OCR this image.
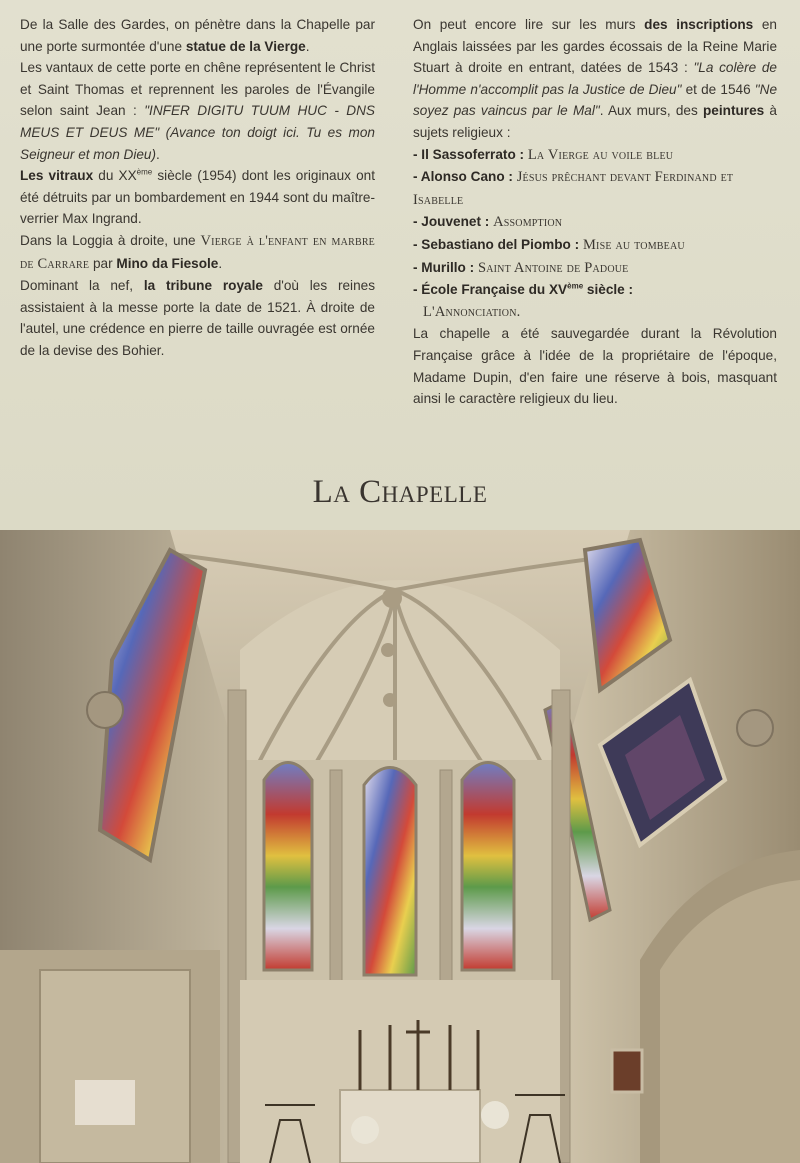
De la Salle des Gardes, on pénètre dans la Chapelle par une porte surmontée d'une statue de la Vierge.

Les vantaux de cette porte en chêne représentent le Christ et Saint Thomas et reprennent les paroles de l'Évangile selon saint Jean : "INFER DIGITU TUUM HUC - DNS MEUS ET DEUS ME" (Avance ton doigt ici. Tu es mon Seigneur et mon Dieu).

Les vitraux du XXème siècle (1954) dont les originaux ont été détruits par un bombardement en 1944 sont du maître-verrier Max Ingrand.

Dans la Loggia à droite, une Vierge à l'enfant en marbre de Carrare par Mino da Fiesole.

Dominant la nef, la tribune royale d'où les reines assistaient à la messe porte la date de 1521. À droite de l'autel, une crédence en pierre de taille ouvragée est ornée de la devise des Bohier.

On peut encore lire sur les murs des inscriptions en Anglais laissées par les gardes écossais de la Reine Marie Stuart à droite en entrant, datées de 1543 : "La colère de l'Homme n'accomplit pas la Justice de Dieu" et de 1546 "Ne soyez pas vaincus par le Mal". Aux murs, des peintures à sujets religieux :

- Il Sassoferrato : La Vierge au voile bleu
- Alonso Cano : Jésus prêchant devant Ferdinand et Isabelle
- Jouvenet : Assomption
- Sebastiano del Piombo : Mise au tombeau
- Murillo : Saint Antoine de Padoue
- École Française du XVème siècle :
L'Annonciation.

La chapelle a été sauvegardée durant la Révolution Française grâce à l'idée de la propriétaire de l'époque, Madame Dupin, d'en faire une réserve à bois, masquant ainsi le caractère religieux du lieu.

La Chapelle
